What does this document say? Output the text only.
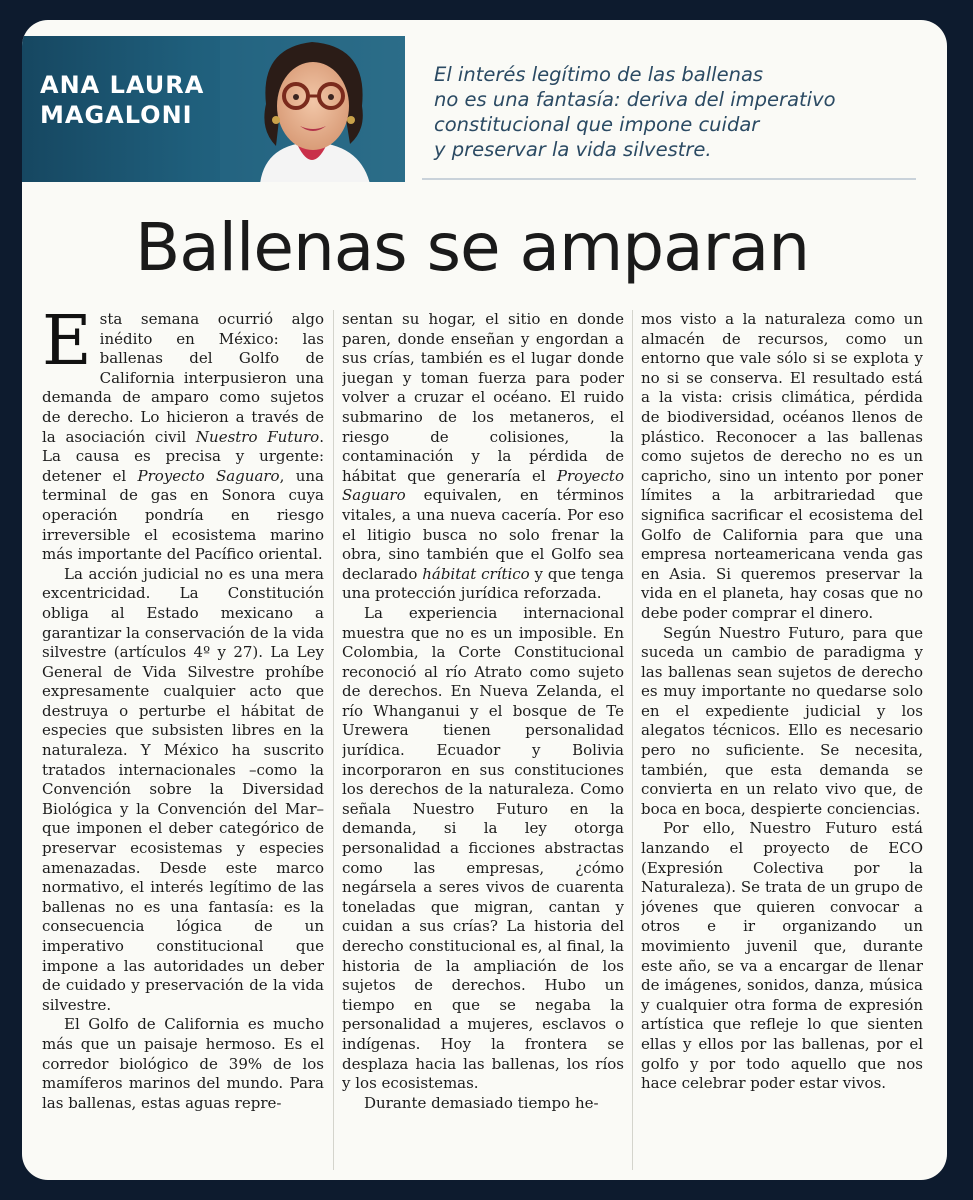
ANA LAURA
MAGALONI
El interés legítimo de las ballenas
no es una fantasía: deriva del imperativo
constitucional que impone cuidar
y preservar la vida silvestre.
Ballenas se amparan

Esta semana ocurrió algo inédito en México: las ballenas del Golfo de California interpusieron una demanda de amparo como sujetos de derecho. Lo hicieron a través de la asociación civil Nuestro Futuro. La causa es precisa y urgente: detener el Proyecto Saguaro, una terminal de gas en Sonora cuya operación pondría en riesgo irreversible el ecosistema marino más importante del Pacífico oriental.

La acción judicial no es una mera excentricidad. La Constitución obliga al Estado mexicano a garantizar la conservación de la vida silvestre (artículos 4º y 27). La Ley General de Vida Silvestre prohíbe expresamente cualquier acto que destruya o perturbe el hábitat de especies que subsisten libres en la naturaleza. Y México ha suscrito tratados internacionales –como la Convención sobre la Diversidad Biológica y la Convención del Mar– que imponen el deber categórico de preservar ecosistemas y especies amenazadas. Desde este marco normativo, el interés legítimo de las ballenas no es una fantasía: es la consecuencia lógica de un imperativo constitucional que impone a las autoridades un deber de cuidado y preservación de la vida silvestre.

El Golfo de California es mucho más que un paisaje hermoso. Es el corredor biológico de 39% de los mamíferos marinos del mundo. Para las ballenas, estas aguas repre-

sentan su hogar, el sitio en donde paren, donde enseñan y engordan a sus crías, también es el lugar donde juegan y toman fuerza para poder volver a cruzar el océano. El ruido submarino de los metaneros, el riesgo de colisiones, la contaminación y la pérdida de hábitat que generaría el Proyecto Saguaro equivalen, en términos vitales, a una nueva cacería. Por eso el litigio busca no solo frenar la obra, sino también que el Golfo sea declarado hábitat crítico y que tenga una protección jurídica reforzada.

La experiencia internacional muestra que no es un imposible. En Colombia, la Corte Constitucional reconoció al río Atrato como sujeto de derechos. En Nueva Zelanda, el río Whanganui y el bosque de Te Urewera tienen personalidad jurídica. Ecuador y Bolivia incorporaron en sus constituciones los derechos de la naturaleza. Como señala Nuestro Futuro en la demanda, si la ley otorga personalidad a ficciones abstractas como las empresas, ¿cómo negársela a seres vivos de cuarenta toneladas que migran, cantan y cuidan a sus crías? La historia del derecho constitucional es, al final, la historia de la ampliación de los sujetos de derechos. Hubo un tiempo en que se negaba la personalidad a mujeres, esclavos o indígenas. Hoy la frontera se desplaza hacia las ballenas, los ríos y los ecosistemas.

Durante demasiado tiempo he-

mos visto a la naturaleza como un almacén de recursos, como un entorno que vale sólo si se explota y no si se conserva. El resultado está a la vista: crisis climática, pérdida de biodiversidad, océanos llenos de plástico. Reconocer a las ballenas como sujetos de derecho no es un capricho, sino un intento por poner límites a la arbitrariedad que significa sacrificar el ecosistema del Golfo de California para que una empresa norteamericana venda gas en Asia. Si queremos preservar la vida en el planeta, hay cosas que no debe poder comprar el dinero.

Según Nuestro Futuro, para que suceda un cambio de paradigma y las ballenas sean sujetos de derecho es muy importante no quedarse solo en el expediente judicial y los alegatos técnicos. Ello es necesario pero no suficiente. Se necesita, también, que esta demanda se convierta en un relato vivo que, de boca en boca, despierte conciencias.

Por ello, Nuestro Futuro está lanzando el proyecto de ECO (Expresión Colectiva por la Naturaleza). Se trata de un grupo de jóvenes que quieren convocar a otros e ir organizando un movimiento juvenil que, durante este año, se va a encargar de llenar de imágenes, sonidos, danza, música y cualquier otra forma de expresión artística que refleje lo que sienten ellas y ellos por las ballenas, por el golfo y por todo aquello que nos hace celebrar poder estar vivos.
